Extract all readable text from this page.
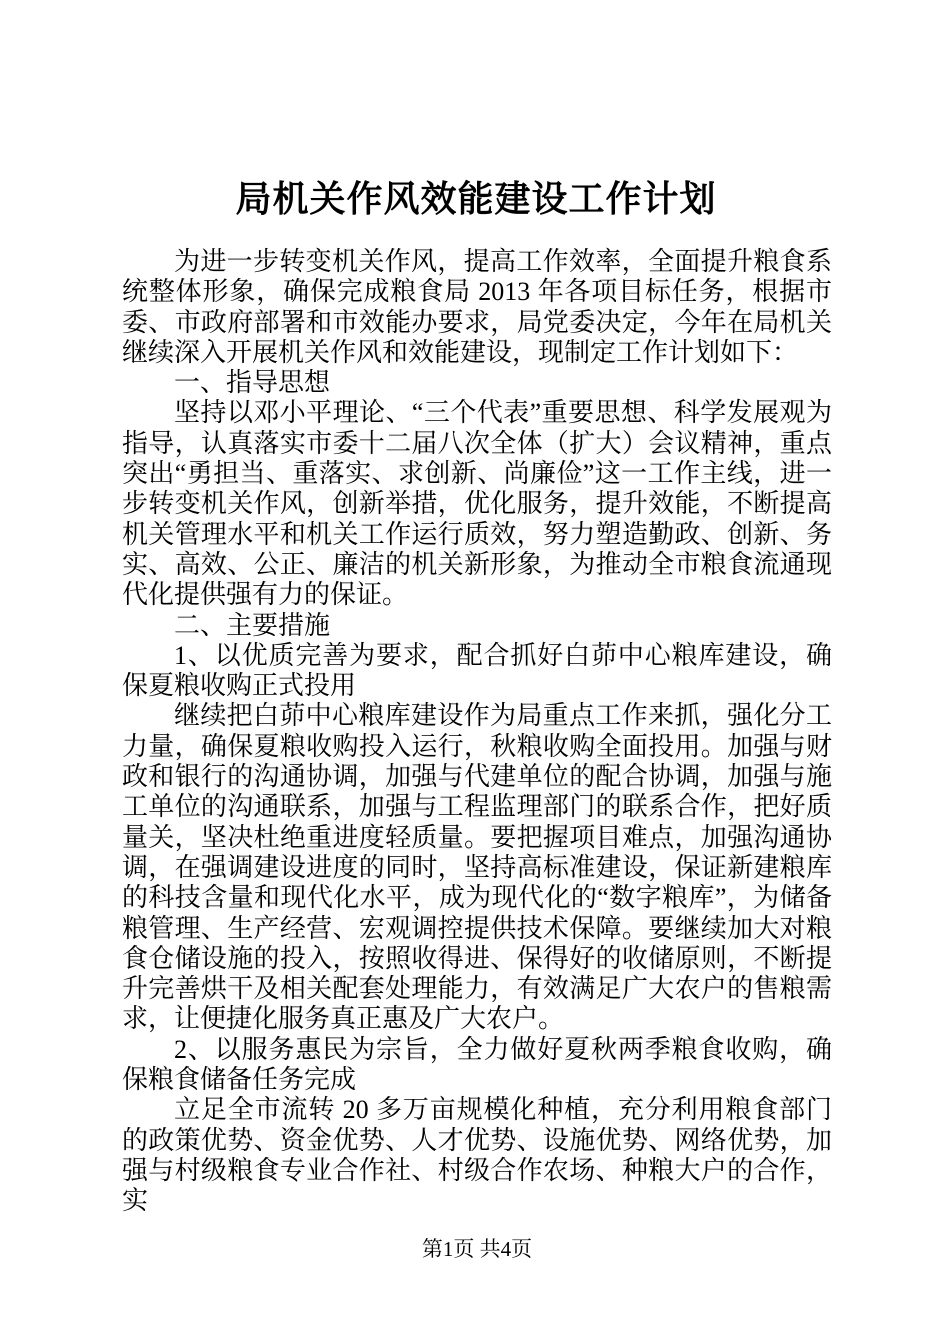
局机关作风效能建设工作计划

为进一步转变机关作风，提高工作效率，全面提升粮食系统整体形象，确保完成粮食局 2013 年各项目标任务，根据市委、市政府部署和市效能办要求，局党委决定，今年在局机关继续深入开展机关作风和效能建设，现制定工作计划如下：

一、指导思想

坚持以邓小平理论、“三个代表”重要思想、科学发展观为指导，认真落实市委十二届八次全体（扩大）会议精神，重点突出“勇担当、重落实、求创新、尚廉俭”这一工作主线，进一步转变机关作风，创新举措，优化服务，提升效能，不断提高机关管理水平和机关工作运行质效，努力塑造勤政、创新、务实、高效、公正、廉洁的机关新形象，为推动全市粮食流通现代化提供强有力的保证。

二、主要措施

1、以优质完善为要求，配合抓好白茆中心粮库建设，确保夏粮收购正式投用

继续把白茆中心粮库建设作为局重点工作来抓，强化分工力量，确保夏粮收购投入运行，秋粮收购全面投用。加强与财政和银行的沟通协调，加强与代建单位的配合协调，加强与施工单位的沟通联系，加强与工程监理部门的联系合作，把好质量关，坚决杜绝重进度轻质量。要把握项目难点，加强沟通协调，在强调建设进度的同时，坚持高标准建设，保证新建粮库的科技含量和现代化水平，成为现代化的“数字粮库”，为储备粮管理、生产经营、宏观调控提供技术保障。要继续加大对粮食仓储设施的投入，按照收得进、保得好的收储原则，不断提升完善烘干及相关配套处理能力，有效满足广大农户的售粮需求，让便捷化服务真正惠及广大农户。

2、以服务惠民为宗旨，全力做好夏秋两季粮食收购，确保粮食储备任务完成

立足全市流转 20 多万亩规模化种植，充分利用粮食部门的政策优势、资金优势、人才优势、设施优势、网络优势，加强与村级粮食专业合作社、村级合作农场、种粮大户的合作，实

第1页 共4页
